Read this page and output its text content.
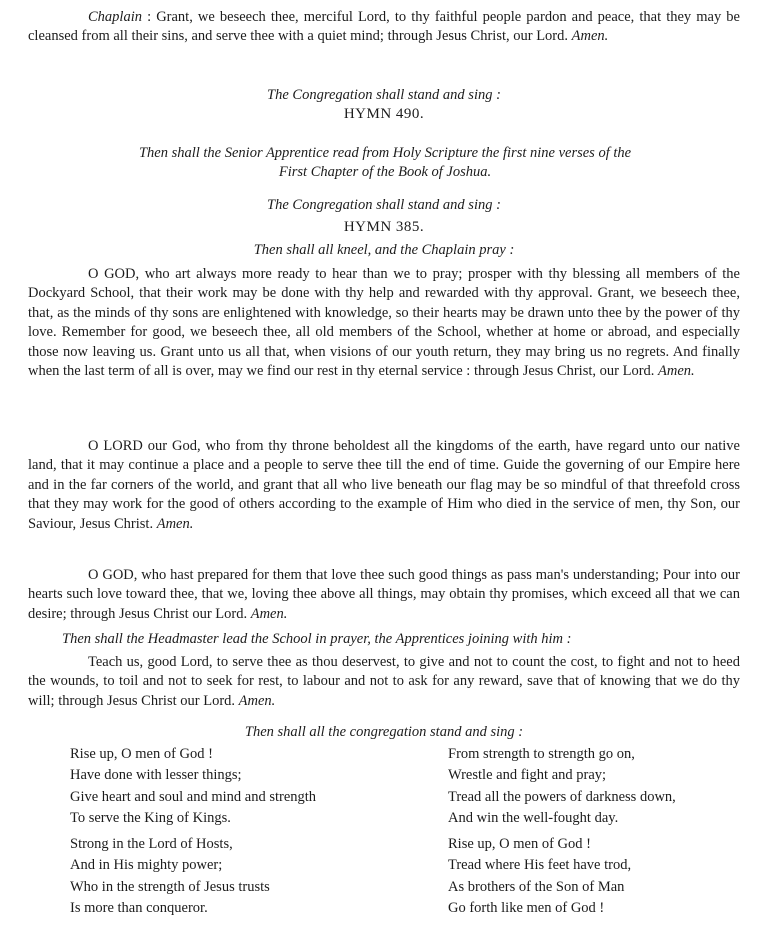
Chaplain : Grant, we beseech thee, merciful Lord, to thy faithful people pardon and peace, that they may be cleansed from all their sins, and serve thee with a quiet mind; through Jesus Christ, our Lord. Amen.

The Congregation shall stand and sing :
HYMN 490.
Then shall the Senior Apprentice read from Holy Scripture the first nine verses of the First Chapter of the Book of Joshua.
The Congregation shall stand and sing :
HYMN 385.
Then shall all kneel, and the Chaplain pray :

O GOD, who art always more ready to hear than we to pray; prosper with thy blessing all members of the Dockyard School, that their work may be done with thy help and rewarded with thy approval. Grant, we beseech thee, that, as the minds of thy sons are enlightened with knowledge, so their hearts may be drawn unto thee by the power of thy love. Remember for good, we beseech thee, all old members of the School, whether at home or abroad, and especially those now leaving us. Grant unto us all that, when visions of our youth return, they may bring us no regrets. And finally when the last term of all is over, may we find our rest in thy eternal service : through Jesus Christ, our Lord. Amen.

O LORD our God, who from thy throne beholdest all the kingdoms of the earth, have regard unto our native land, that it may continue a place and a people to serve thee till the end of time. Guide the governing of our Empire here and in the far corners of the world, and grant that all who live beneath our flag may be so mindful of that threefold cross that they may work for the good of others according to the example of Him who died in the service of men, thy Son, our Saviour, Jesus Christ. Amen.

O GOD, who hast prepared for them that love thee such good things as pass man's understanding; Pour into our hearts such love toward thee, that we, loving thee above all things, may obtain thy promises, which exceed all that we can desire; through Jesus Christ our Lord. Amen.

Then shall the Headmaster lead the School in prayer, the Apprentices joining with him :

Teach us, good Lord, to serve thee as thou deservest, to give and not to count the cost, to fight and not to heed the wounds, to toil and not to seek for rest, to labour and not to ask for any reward, save that of knowing that we do thy will; through Jesus Christ our Lord. Amen.

Then shall all the congregation stand and sing :
Rise up, O men of God !
Have done with lesser things;
Give heart and soul and mind and strength
To serve the King of Kings.
From strength to strength go on,
Wrestle and fight and pray;
Tread all the powers of darkness down,
And win the well-fought day.
Strong in the Lord of Hosts,
And in His mighty power;
Who in the strength of Jesus trusts
Is more than conqueror.
Rise up, O men of God !
Tread where His feet have trod,
As brothers of the Son of Man
Go forth like men of God !
